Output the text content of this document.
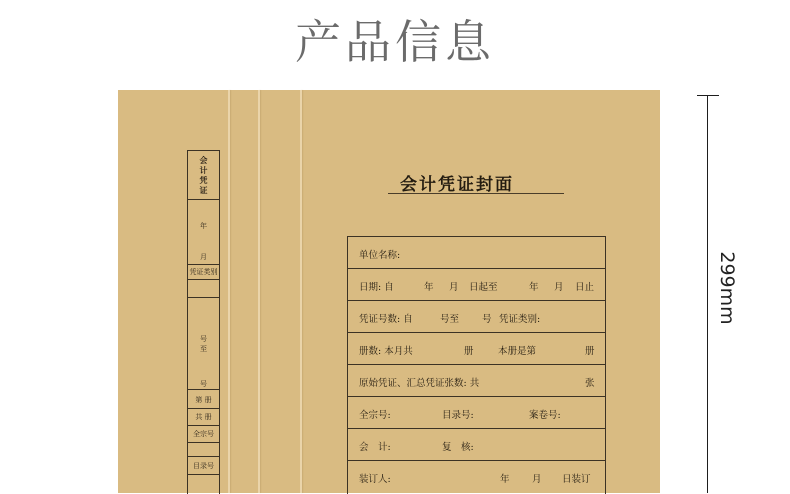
产品信息
会计凭证
年
月
凭证类别
号至
号
第 册
共 册
全宗号
目录号
会计凭证封面
单位名称:
日期: 自	年 月 日起至	年 月 日止
凭证号数: 自	号至 号 凭证类别:
册数: 本月共	册	本册是第	册
原始凭证、汇总凭证张数: 共	张
全宗号:	目录号:	案卷号:
会　计:	复　核:
装订人:	年 月 日装订
299mm
